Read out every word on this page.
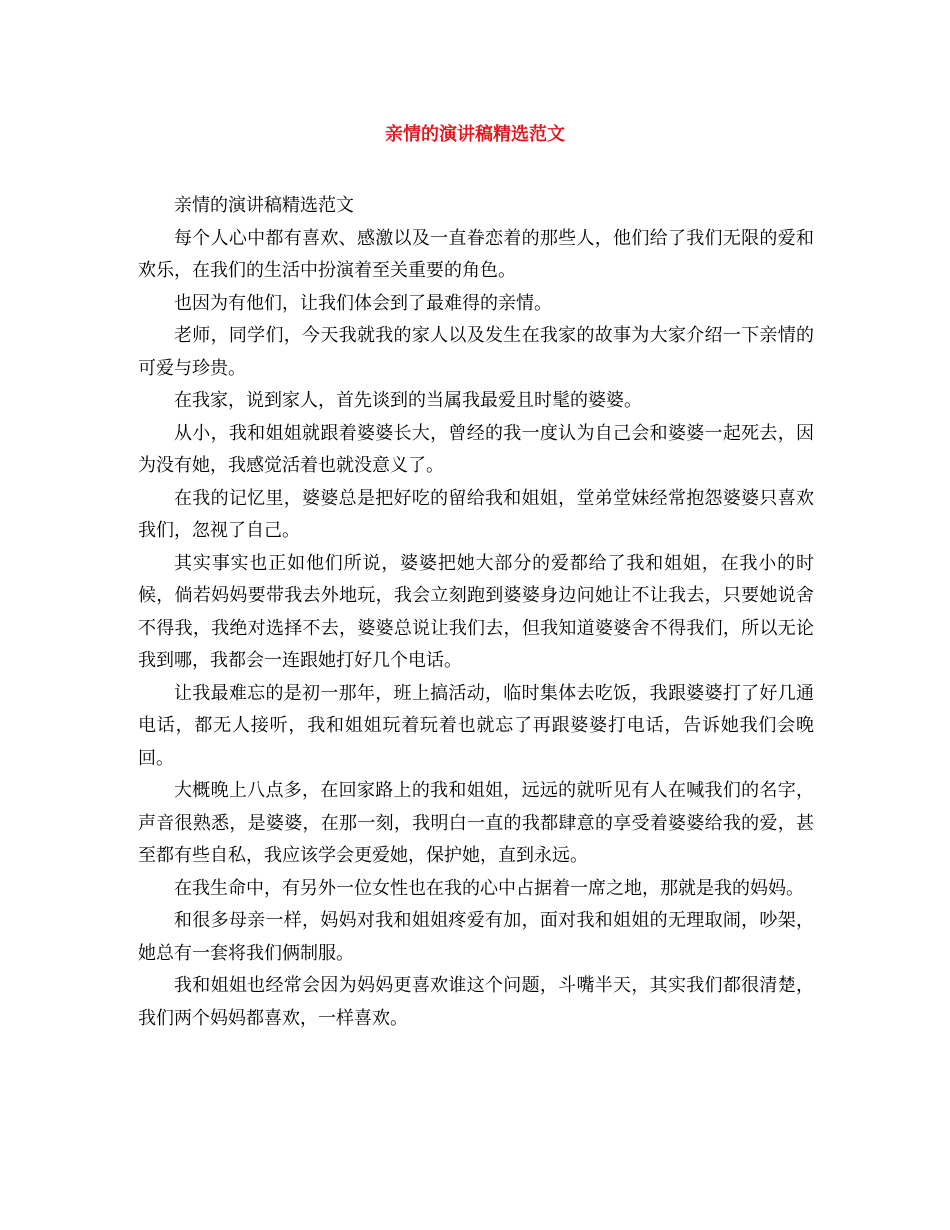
亲情的演讲稿精选范文

亲情的演讲稿精选范文

每个人心中都有喜欢、感激以及一直眷恋着的那些人，他们给了我们无限的爱和欢乐，在我们的生活中扮演着至关重要的角色。

也因为有他们，让我们体会到了最难得的亲情。

老师，同学们，今天我就我的家人以及发生在我家的故事为大家介绍一下亲情的可爱与珍贵。

在我家，说到家人，首先谈到的当属我最爱且时髦的婆婆。

从小，我和姐姐就跟着婆婆长大，曾经的我一度认为自己会和婆婆一起死去，因为没有她，我感觉活着也就没意义了。

在我的记忆里，婆婆总是把好吃的留给我和姐姐，堂弟堂妹经常抱怨婆婆只喜欢我们，忽视了自己。

其实事实也正如他们所说，婆婆把她大部分的爱都给了我和姐姐，在我小的时候，倘若妈妈要带我去外地玩，我会立刻跑到婆婆身边问她让不让我去，只要她说舍不得我，我绝对选择不去，婆婆总说让我们去，但我知道婆婆舍不得我们，所以无论我到哪，我都会一连跟她打好几个电话。

让我最难忘的是初一那年，班上搞活动，临时集体去吃饭，我跟婆婆打了好几通电话，都无人接听，我和姐姐玩着玩着也就忘了再跟婆婆打电话，告诉她我们会晚回。

大概晚上八点多，在回家路上的我和姐姐，远远的就听见有人在喊我们的名字，声音很熟悉，是婆婆，在那一刻，我明白一直的我都肆意的享受着婆婆给我的爱，甚至都有些自私，我应该学会更爱她，保护她，直到永远。

在我生命中，有另外一位女性也在我的心中占据着一席之地，那就是我的妈妈。

和很多母亲一样，妈妈对我和姐姐疼爱有加，面对我和姐姐的无理取闹，吵架，她总有一套将我们俩制服。

我和姐姐也经常会因为妈妈更喜欢谁这个问题，斗嘴半天，其实我们都很清楚，我们两个妈妈都喜欢，一样喜欢。
